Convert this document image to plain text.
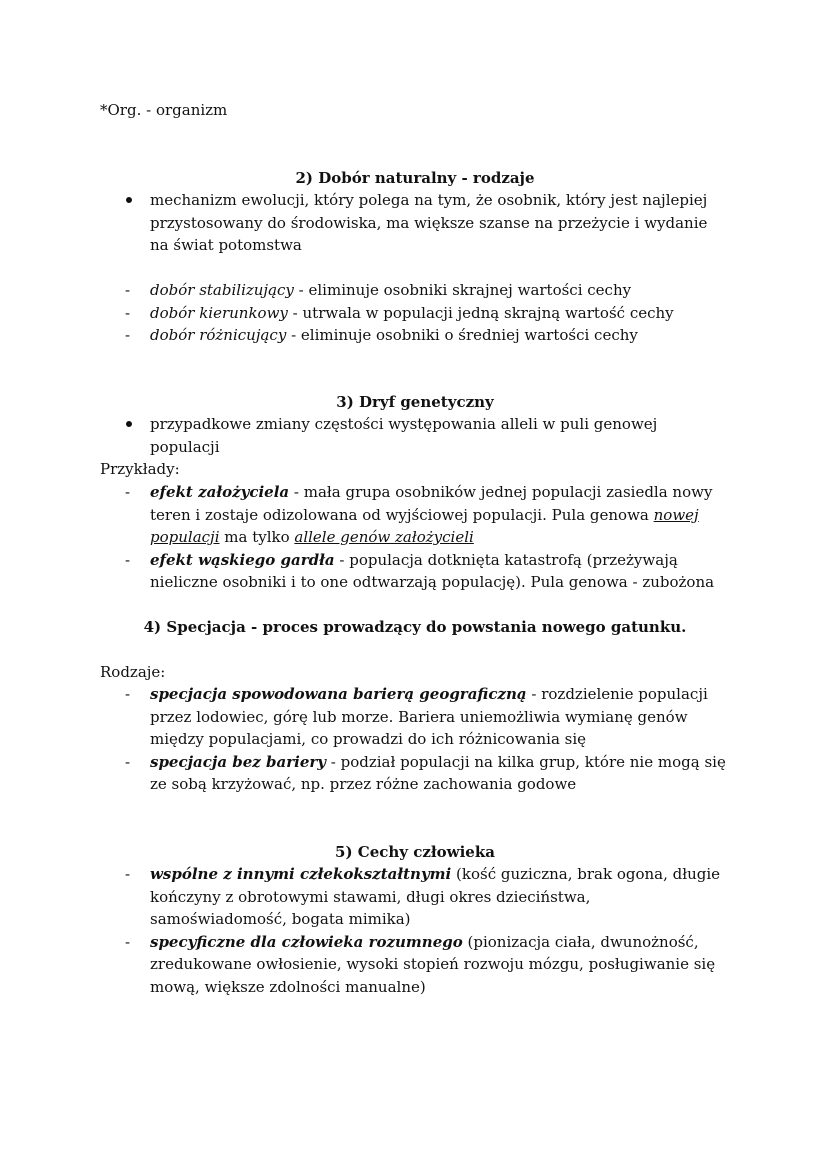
*Org. - organizm

2) Dobór naturalny - rodzaje
mechanizm ewolucji, który polega na tym, że osobnik, który jest najlepiej przystosowany do środowiska, ma większe szanse na przeżycie i wydanie na świat potomstwa
- dobór stabilizujący - eliminuje osobniki skrajnej wartości cechy
- dobór kierunkowy - utrwala w populacji jedną skrajną wartość cechy
- dobór różnicujący - eliminuje osobniki o średniej wartości cechy
3) Dryf genetyczny
przypadkowe zmiany częstości występowania alleli w puli genowej populacji

Przykłady:

- efekt założyciela - mała grupa osobników jednej populacji zasiedla nowy teren i zostaje odizolowana od wyjściowej populacji. Pula genowa nowej populacji ma tylko allele genów założycieli
- efekt wąskiego gardła - populacja dotknięta katastrofą (przeżywają nieliczne osobniki i to one odtwarzają populację). Pula genowa - zubożona
4) Specjacja - proces prowadzący do powstania nowego gatunku.

Rodzaje:

- specjacja spowodowana barierą geograficzną - rozdzielenie populacji przez lodowiec, górę lub morze. Bariera uniemożliwia wymianę genów między populacjami, co prowadzi do ich różnicowania się
- specjacja bez bariery - podział populacji na kilka grup, które nie mogą się ze sobą krzyżować, np. przez różne zachowania godowe
5) Cechy człowieka
- wspólne z innymi człekokształtnymi (kość guziczna, brak ogona, długie kończyny z obrotowymi stawami, długi okres dzieciństwa, samoświadomość, bogata mimika)
- specyficzne dla człowieka rozumnego (pionizacja ciała, dwunożność, zredukowane owłosienie, wysoki stopień rozwoju mózgu, posługiwanie się mową, większe zdolności manualne)
